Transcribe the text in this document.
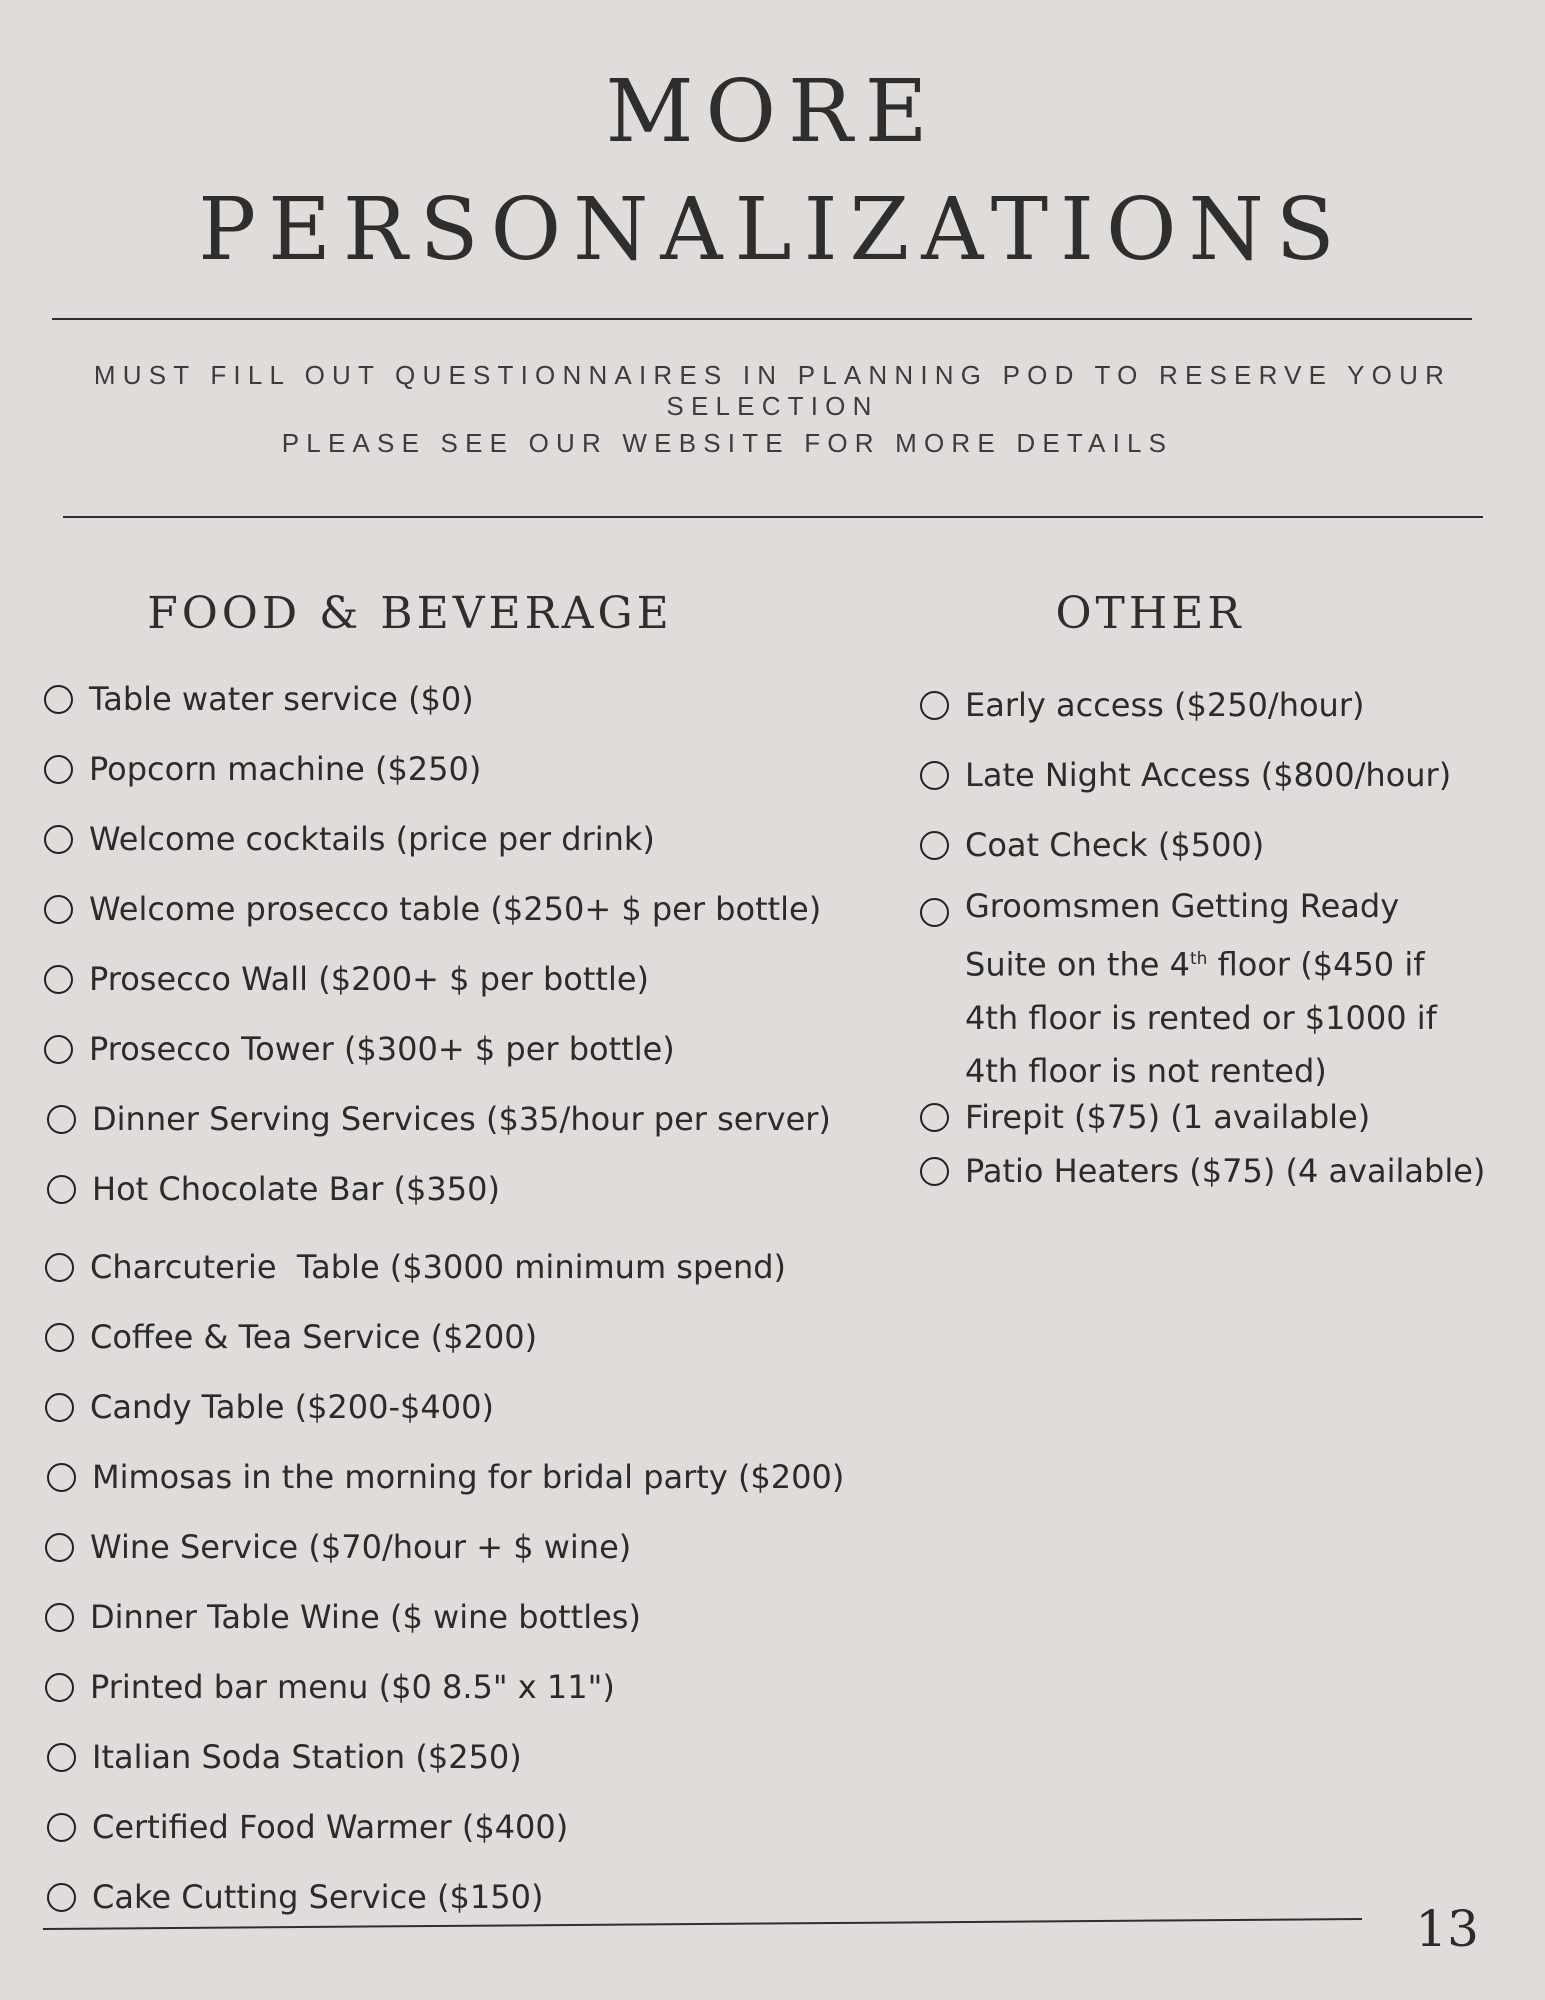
MORE
PERSONALIZATIONS
MUST FILL OUT QUESTIONNAIRES IN PLANNING POD TO RESERVE YOUR SELECTION
PLEASE SEE OUR WEBSITE FOR MORE DETAILS
FOOD & BEVERAGE	OTHER
Table water service ($0)
Popcorn machine ($250)
Welcome cocktails (price per drink)
Welcome prosecco table ($250+ $ per bottle)
Prosecco Wall ($200+ $ per bottle)
Prosecco Tower ($300+ $ per bottle)
Dinner Serving Services ($35/hour per server)
Hot Chocolate Bar ($350)
Charcuterie  Table ($3000 minimum spend)
Coffee & Tea Service ($200)
Candy Table ($200-$400)
Mimosas in the morning for bridal party ($200)
Wine Service ($70/hour + $ wine)
Dinner Table Wine ($ wine bottles)
Printed bar menu ($0 8.5" x 11")
Italian Soda Station ($250)
Certified Food Warmer ($400)
Cake Cutting Service ($150)
Early access ($250/hour)
Late Night Access ($800/hour)
Coat Check ($500)
Groomsmen Getting Ready Suite on the 4th floor ($450 if 4th floor is rented or $1000 if 4th floor is not rented)
Firepit ($75) (1 available)
Patio Heaters ($75) (4 available)
13
